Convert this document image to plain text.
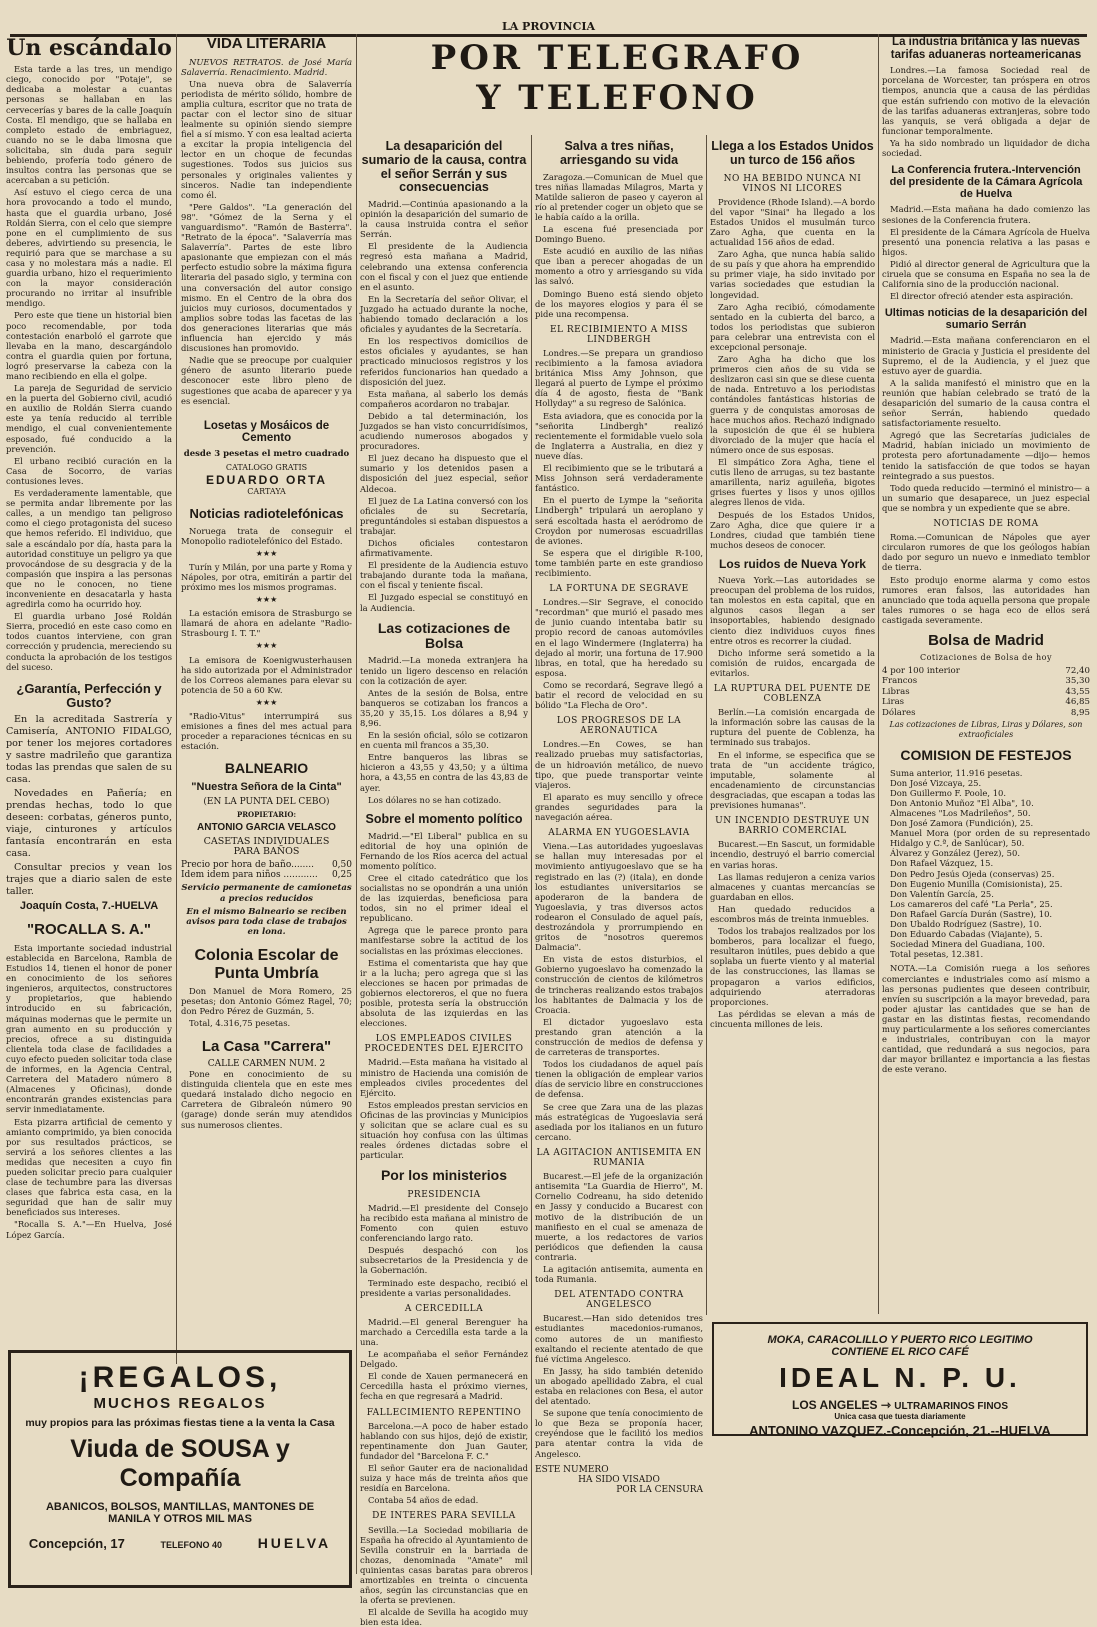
LA PROVINCIA
POR TELEGRAFO
Y TELEFONO
Un escándalo

Esta tarde a las tres, un mendigo ciego, conocido por "Potaje", se dedicaba a molestar a cuantas personas se hallaban en las cervecerías y bares de la calle Joaquín Costa. El mendigo, que se hallaba en completo estado de embriaguez, cuando no se le daba limosna que solicitaba, sin duda para seguir bebiendo, profería todo género de insultos contra las personas que se acercaban a su petición.

Así estuvo el ciego cerca de una hora provocando a todo el mundo, hasta que el guardia urbano, José Roldán Sierra, con el celo que siempre pone en el cumplimiento de sus deberes, advirtiendo su presencia, le requirió para que se marchase a su casa y no molestara más a nadie. El guardia urbano, hizo el requerimiento con la mayor consideración procurando no irritar al insufrible mendigo.

Pero este que tiene un historial bien poco recomendable, por toda contestación enarboló el garrote que llevaba en la mano, descargándolo contra el guardia quien por fortuna, logró preservarse la cabeza con la mano recibiendo en ella el golpe.

La pareja de Seguridad de servicio en la puerta del Gobierno civil, acudió en auxilio de Roldán Sierra cuando este ya tenía reducido al terrible mendigo, el cual convenientemente esposado, fué conducido a la prevención.

El urbano recibió curación en la Casa de Socorro, de varias contusiones leves.

Es verdaderamente lamentable, que se permita andar libremente por las calles, a un mendigo tan peligroso como el ciego protagonista del suceso que hemos referido. El individuo, que sale a escándalo por día, hasta para la autoridad constituye un peligro ya que provocándose de su desgracia y de la compasión que inspira a las personas que no le conocen, no tiene inconveniente en desacatarla y hasta agredirla como ha ocurrido hoy.

El guardia urbano José Roldán Sierra, procedió en este caso como en todos cuantos interviene, con gran corrección y prudencia, mereciendo su conducta la aprobación de los testigos del suceso.

¿Garantía, Perfección y Gusto?

En la acreditada Sastrería y Camisería, ANTONIO FIDALGO, por tener los mejores cortadores y sastre madrileño que garantiza todas las prendas que salen de su casa.

Novedades en Pañería; en prendas hechas, todo lo que deseen: corbatas, géneros punto, viaje, cinturones y artículos fantasía encontrarán en esta casa.

Consultar precios y vean los trajes que a diario salen de este taller.

Joaquín Costa, 7.-HUELVA
"ROCALLA S. A."

Esta importante sociedad industrial establecida en Barcelona, Rambla de Estudios 14, tienen el honor de poner en conocimiento de los señores ingenieros, arquitectos, constructores y propietarios, que habiendo introducido en su fabricación, máquinas modernas que le permite un gran aumento en su producción y precios, ofrece a su distinguida clientela toda clase de facilidades a cuyo efecto pueden solicitar toda clase de informes, en la Agencia Central, Carretera del Matadero número 8 (Almacenes y Oficinas), donde encontrarán grandes existencias para servir inmediatamente.

Esta pizarra artificial de cemento y amianto comprimido, ya bien conocida por sus resultados prácticos, se servirá a los señores clientes a las medidas que necesiten a cuyo fin pueden solicitar precio para cualquier clase de techumbre para las diversas clases que fabrica esta casa, en la seguridad que han de salir muy beneficiados sus intereses.

"Rocalla S. A."—En Huelva, José López García.

VIDA LITERARIA

NUEVOS RETRATOS. de José María Salaverría. Renacimiento. Madrid.

Una nueva obra de Salaverría periodista de mérito sólido, hombre de amplia cultura, escritor que no trata de pactar con el lector sino de situar lealmente su opinión siendo siempre fiel a sí mismo. Y con esa lealtad acierta a excitar la propia inteligencia del lector en un choque de fecundas sugestiones. Todos sus juicios sus personales y originales valientes y sinceros. Nadie tan independiente como él.

"Pere Galdos". "La generación del 98". "Gómez de la Serna y el vanguardismo". "Ramón de Basterra". "Retrato de la época". "Salaverría mas Salaverría". Partes de este libro apasionante que empiezan con el más perfecto estudio sobre la máxima figura literaria del pasado siglo, y termina con una conversación del autor consigo mismo. En el Centro de la obra dos juicios muy curiosos, documentados y amplios sobre todas las facetas de las dos generaciones literarias que más influencia han ejercido y más discusiones han promovido.

Nadie que se preocupe por cualquier género de asunto literario puede desconocer este libro pleno de sugestiones que acaba de aparecer y ya es esencial.

Losetas y Mosáicos de Cemento
desde 3 pesetas el metro cuadrado
CATALOGO GRATIS
EDUARDO ORTA
CARTAYA
Noticias radiotelefónicas

Noruega trata de conseguir el Monopolio radiotelefónico del Estado.

★★★

Turín y Milán, por una parte y Roma y Nápoles, por otra, emitirán a partir del próximo mes los mismos programas.

★★★

La estación emisora de Strasburgo se llamará de ahora en adelante "Radio-Strasbourg I. T. T."

★★★

La emisora de Koenigwusterhausen ha sido autorizada por el Administrador de los Correos alemanes para elevar su potencia de 50 a 60 Kw.

★★★

"Radio-Vitus" interrumpirá sus emisiones a fines del mes actual para proceder a reparaciones técnicas en su estación.

BALNEARIO
"Nuestra Señora de la Cinta"
(EN LA PUNTA DEL CEBO)
PROPIETARIO:
ANTONIO GARCIA VELASCO
CASETAS INDIVIDUALES
PARA BAÑOS
Precio por hora de baño........ 0,50
Idem idem para niños ............ 0,25
Servicio permanente de camionetas a precios reducidos
En el mismo Balneario se reciben avisos para toda clase de trabajos en lona.
Colonia Escolar de Punta Umbría

Don Manuel de Mora Romero, 25 pesetas; don Antonio Gómez Ragel, 70; don Pedro Pérez de Guzmán, 5.

Total, 4.316,75 pesetas.

La Casa "Carrera"
CALLE CARMEN NUM. 2

Pone en conocimiento de su distinguida clientela que en este mes quedará instalado dicho negocio en Carretera de Gibraleón número 90 (garage) donde serán muy atendidos sus numerosos clientes.

¡REGALOS,
MUCHOS REGALOS
muy propios para las próximas fiestas tiene a la venta la Casa
Viuda de SOUSA y Compañía
ABANICOS, BOLSOS, MANTILLAS, MANTONES DE MANILA Y OTROS MIL MAS
Concepción, 17	TELEFONO 40	HUELVA
La desaparición del sumario de la causa, contra el señor Serrán y sus consecuencias

Madrid.—Continúa apasionando a la opinión la desaparición del sumario de la causa instruida contra el señor Serrán.

El presidente de la Audiencia regresó esta mañana a Madrid, celebrando una extensa conferencia con el fiscal y con el juez que entiende en el asunto.

En la Secretaría del señor Olivar, el Juzgado ha actuado durante la noche, habiendo tomado declaración a los oficiales y ayudantes de la Secretaría.

En los respectivos domicilios de estos oficiales y ayudantes, se han practicado minuciosos registros y los referidos funcionarios han quedado a disposición del juez.

Esta mañana, al saberlo los demás compañeros acordaron no trabajar.

Debido a tal determinación, los Juzgados se han visto concurridísimos, acudiendo numerosos abogados y procuradores.

El juez decano ha dispuesto que el sumario y los detenidos pasen a disposición del juez especial, señor Aldecoa.

El juez de La Latina conversó con los oficiales de su Secretaría, preguntándoles si estaban dispuestos a trabajar.

Dichos oficiales contestaron afirmativamente.

El presidente de la Audiencia estuvo trabajando durante toda la mañana, con el fiscal y teniente fiscal.

El Juzgado especial se constituyó en la Audiencia.

Las cotizaciones de Bolsa

Madrid.—La moneda extranjera ha tenido un ligero descenso en relación con la cotización de ayer.

Antes de la sesión de Bolsa, entre banqueros se cotizaban los francos a 35,20 y 35,15. Los dólares a 8,94 y 8,96.

En la sesión oficial, sólo se cotizaron en cuenta mil francos a 35,30.

Entre banqueros las libras se hicieron a 43,55 y 43,50; y a última hora, a 43,55 en contra de las 43,83 de ayer.

Los dólares no se han cotizado.

Sobre el momento político

Madrid.—"El Liberal" publica en su editorial de hoy una opinión de Fernando de los Ríos acerca del actual momento político.

Cree el citado catedrático que los socialistas no se opondrán a una unión de las izquierdas, beneficiosa para todos, sin no el primer ideal el republicano.

Agrega que le parece pronto para manifestarse sobre la actitud de los socialistas en las próximas elecciones.

Estima el comentarista que hay que ir a la lucha; pero agrega que si las elecciones se hacen por primadas de gobiernos electoreros, el que no fuera posible, protesta sería la obstrucción absoluta de las izquierdas en las elecciones.

LOS EMPLEADOS CIVILES PROCEDENTES DEL EJERCITO

Madrid.—Esta mañana ha visitado al ministro de Hacienda una comisión de empleados civiles procedentes del Ejército.

Estos empleados prestan servicios en Oficinas de las provincias y Municipios y solicitan que se aclare cual es su situación hoy confusa con las últimas reales órdenes dictadas sobre el particular.

Por los ministerios
PRESIDENCIA

Madrid.—El presidente del Consejo ha recibido esta mañana al ministro de Fomento con quien estuvo conferenciando largo rato.

Después despachó con los subsecretarios de la Presidencia y de la Gobernación.

Terminado este despacho, recibió el presidente a varias personalidades.

A CERCEDILLA

Madrid.—El general Berenguer ha marchado a Cercedilla esta tarde a la una.

Le acompañaba el señor Fernández Delgado.

El conde de Xauen permanecerá en Cercedilla hasta el próximo viernes, fecha en que regresará a Madrid.

FALLECIMIENTO REPENTINO

Barcelona.—A poco de haber estado hablando con sus hijos, dejó de existir, repentinamente don Juan Gauter, fundador del "Barcelona F. C."

El señor Gauter era de nacionalidad suiza y hace más de treinta años que residía en Barcelona.

Contaba 54 años de edad.

DE INTERES PARA SEVILLA

Sevilla.—La Sociedad mobiliaria de España ha ofrecido al Ayuntamiento de Sevilla construir en la barriada de chozas, denominada "Amate" mil quinientas casas baratas para obreros amortizables en treinta o cincuenta años, según las circunstancias que en la oferta se previenen.

El alcalde de Sevilla ha acogido muy bien esta idea.

Salva a tres niñas, arriesgando su vida

Zaragoza.—Comunican de Muel que tres niñas llamadas Milagros, Marta y Matilde salieron de paseo y cayeron al río al pretender coger un objeto que se le había caído a la orilla.

La escena fué presenciada por Domingo Bueno.

Este acudió en auxilio de las niñas que iban a perecer ahogadas de un momento a otro y arriesgando su vida las salvó.

Domingo Bueno está siendo objeto de los mayores elogios y para él se pide una recompensa.

EL RECIBIMIENTO A MISS LINDBERGH

Londres.—Se prepara un grandioso recibimiento a la famosa aviadora británica Miss Amy Johnson, que llegará al puerto de Lympe el próximo día 4 de agosto, fiesta de "Bank Hollyday" a su regreso de Salónica.

Esta aviadora, que es conocida por la "señorita Lindbergh" realizó recientemente el formidable vuelo sola de Inglaterra a Australia, en diez y nueve días.

El recibimiento que se le tributará a Miss Johnson será verdaderamente fantástico.

En el puerto de Lympe la "señorita Lindbergh" tripulará un aeroplano y será escoltada hasta el aeródromo de Croydon por numerosas escuadrillas de aviones.

Se espera que el dirigible R-100, tome también parte en este grandioso recibimiento.

LA FORTUNA DE SEGRAVE

Londres.—Sir Segrave, el conocido "recordman" que murió el pasado mes de junio cuando intentaba batir su propio record de canoas automóviles en el lago Windermere (Inglaterra) ha dejado al morir, una fortuna de 17.900 libras, en total, que ha heredado su esposa.

Como se recordará, Segrave llegó a batir el record de velocidad en su bólido "La Flecha de Oro".

LOS PROGRESOS DE LA AERONAUTICA

Londres.—En Cowes, se han realizado pruebas muy satisfactorias, de un hidroavión metálico, de nuevo tipo, que puede transportar veinte viajeros.

El aparato es muy sencillo y ofrece grandes seguridades para la navegación aérea.

ALARMA EN YUGOESLAVIA

Viena.—Las autoridades yugoeslavas se hallan muy interesadas por el movimiento antiyugoeslavo que se ha registrado en las (?) (itala), en donde los estudiantes universitarios se apoderaron de la bandera de Yugoeslavia, y tras diversos actos rodearon el Consulado de aquel país, destrozándola y prorrumpiendo en gritos de "nosotros queremos Dalmacia".

En vista de estos disturbios, el Gobierno yugoeslavo ha comenzado la construcción de cientos de kilómetros de trincheras realizando estos trabajos los habitantes de Dalmacia y los de Croacia.

El dictador yugoeslavo esta prestando gran atención a la construcción de medios de defensa y de carreteras de transportes.

Todos los ciudadanos de aquel país tienen la obligación de emplear varios días de servicio libre en construcciones de defensa.

Se cree que Zara una de las plazas más estratégicas de Yugoeslavia será asediada por los italianos en un futuro cercano.

LA AGITACION ANTISEMITA EN RUMANIA

Bucarest.—El jefe de la organización antisemita "La Guardia de Hierro", M. Cornelio Codreanu, ha sido detenido en Jassy y conducido a Bucarest con motivo de la distribución de un manifiesto en el cual se amenaza de muerte, a los redactores de varios periódicos que defienden la causa contraria.

La agitación antisemita, aumenta en toda Rumania.

DEL ATENTADO CONTRA ANGELESCO

Bucarest.—Han sido detenidos tres estudiantes macedonios-rumanos, como autores de un manifiesto exaltando el reciente atentado de que fué víctima Angelesco.

En Jassy, ha sido también detenido un abogado apellidado Zabra, el cual estaba en relaciones con Besa, el autor del atentado.

Se supone que tenía conocimiento de lo que Beza se proponía hacer, creyéndose que le facilitó los medios para atentar contra la vida de Angelesco.

ESTE NUMERO
HA SIDO VISADO
POR LA CENSURA
Llega a los Estados Unidos un turco de 156 años
NO HA BEBIDO NUNCA NI VINOS NI LICORES

Providence (Rhode Island).—A bordo del vapor "Sinai" ha llegado a los Estados Unidos el musulmán turco Zaro Agha, que cuenta en la actualidad 156 años de edad.

Zaro Agha, que nunca había salido de su país y que ahora ha emprendido su primer viaje, ha sido invitado por varias sociedades que estudian la longevidad.

Zaro Agha recibió, cómodamente sentado en la cubierta del barco, a todos los periodistas que subieron para celebrar una entrevista con el excepcional personaje.

Zaro Agha ha dicho que los primeros cien años de su vida se deslizaron casi sin que se diese cuenta de nada. Entretuvo a los periodistas contándoles fantásticas historias de guerra y de conquistas amorosas de hace muchos años. Rechazó indignado la suposición de que él se hubiera divorciado de la mujer que hacía el número once de sus esposas.

El simpático Zora Agha, tiene el cutis lleno de arrugas, su tez bastante amarillenta, nariz aguileña, bigotes grises fuertes y lisos y unos ojillos alegres llenos de vida.

Después de los Estados Unidos, Zaro Agha, dice que quiere ir a Londres, ciudad que también tiene muchos deseos de conocer.

Los ruidos de Nueva York

Nueva York.—Las autoridades se preocupan del problema de los ruidos, tan molestos en esta capital, que en algunos casos llegan a ser insoportables, habiendo designado ciento diez individuos cuyos fines entre otros es recorrer la ciudad.

Dicho informe será sometido a la comisión de ruidos, encargada de evitarlos.

LA RUPTURA DEL PUENTE DE COBLENZA

Berlín.—La comisión encargada de la información sobre las causas de la ruptura del puente de Coblenza, ha terminado sus trabajos.

En el informe, se especifica que se trata de "un accidente trágico, imputable, solamente al encadenamiento de circunstancias desgraciadas, que escapan a todas las previsiones humanas".

UN INCENDIO DESTRUYE UN BARRIO COMERCIAL

Bucarest.—En Sascut, un formidable incendio, destruyó el barrio comercial en varias horas.

Las llamas redujeron a ceniza varios almacenes y cuantas mercancías se guardaban en ellos.

Han quedado reducidos a escombros más de treinta inmuebles.

Todos los trabajos realizados por los bomberos, para localizar el fuego, resultaron inútiles, pues debido a que soplaba un fuerte viento y al material de las construcciones, las llamas se propagaron a varios edificios, adquiriendo aterradoras proporciones.

Las pérdidas se elevan a más de cincuenta millones de leis.

La industria británica y las nuevas tarifas aduaneras norteamericanas

Londres.—La famosa Sociedad real de porcelana de Worcester, tan próspera en otros tiempos, anuncia que a causa de las pérdidas que están sufriendo con motivo de la elevación de las tarifas aduaneras extranjeras, sobre todo las yanquis, se verá obligada a dejar de funcionar temporalmente.

Ya ha sido nombrado un liquidador de dicha sociedad.

La Conferencia frutera.-Intervención del presidente de la Cámara Agrícola de Huelva

Madrid.—Esta mañana ha dado comienzo las sesiones de la Conferencia frutera.

El presidente de la Cámara Agrícola de Huelva presentó una ponencia relativa a las pasas e higos.

Pidió al director general de Agricultura que la ciruela que se consuma en España no sea la de California sino de la producción nacional.

El director ofreció atender esta aspiración.

Ultimas noticias de la desaparición del sumario Serrán

Madrid.—Esta mañana conferenciaron en el ministerio de Gracia y Justicia el presidente del Supremo, el de la Audiencia, y el juez que estuvo ayer de guardia.

A la salida manifestó el ministro que en la reunión que habían celebrado se trató de la desaparición del sumario de la causa contra el señor Serrán, habiendo quedado satisfactoriamente resuelto.

Agregó que las Secretarías judiciales de Madrid, habían iniciado un movimiento de protesta pero afortunadamente —dijo— hemos tenido la satisfacción de que todos se hayan reintegrado a sus puestos.

Todo queda reducido —terminó el ministro— a un sumario que desaparece, un juez especial que se nombra y un expediente que se abre.

NOTICIAS DE ROMA

Roma.—Comunican de Nápoles que ayer circularon rumores de que los geólogos habían dado por seguro un nuevo e inmediato temblor de tierra.

Esto produjo enorme alarma y como estos rumores eran falsos, las autoridades han anunciado que toda aquella persona que propale tales rumores o se haga eco de ellos será castigada severamente.

Bolsa de Madrid
Cotizaciones de Bolsa de hoy
4 por 100 interior	72,40
Francos	35,30
Libras	43,55
Liras	46,85
Dólares	8,95
Las cotizaciones de Libras, Liras y Dólares, son extraoficiales
COMISION DE FESTEJOS
Suma anterior, 11.916 pesetas.
Don José Vizcaya, 25.
Don Guillermo F. Poole, 10.
Don Antonio Muñoz "El Alba", 10.
Almacenes "Los Madrileños", 50.
Don José Zamora (Fundición), 25.
Manuel Mora (por orden de su representado Hidalgo y C.ª, de Sanlúcar), 50.
Álvarez y González (Jerez), 50.
Don Rafael Vázquez, 15.
Don Pedro Jesús Ojeda (conservas) 25.
Don Eugenio Munilla (Comisionista), 25.
Don Valentín García, 25.
Los camareros del café "La Perla", 25.
Don Rafael García Durán (Sastre), 10.
Don Ubaldo Rodríguez (Sastre), 10.
Don Eduardo Cabadas (Viajante), 5.
Sociedad Minera del Guadiana, 100.
Total pesetas, 12.381.

NOTA.—La Comisión ruega a los señores comerciantes e industriales como así mismo a las personas pudientes que deseen contribuir, envíen su suscripción a la mayor brevedad, para poder ajustar las cantidades que se han de gastar en las distintas fiestas, recomendando muy particularmente a los señores comerciantes e industriales, contribuyan con la mayor cantidad, que redundará a sus negocios, para dar mayor brillantez e importancia a las fiestas de este verano.

MOKA, CARACOLILLO Y PUERTO RICO LEGITIMO
CONTIENE EL RICO CAFÉ
IDEAL N. P. U.
LOS ANGELES ⇾ ULTRAMARINOS FINOS
Unica casa que tuesta diariamente
ANTONINO VAZQUEZ.-Concepción, 21.--HUELVA
